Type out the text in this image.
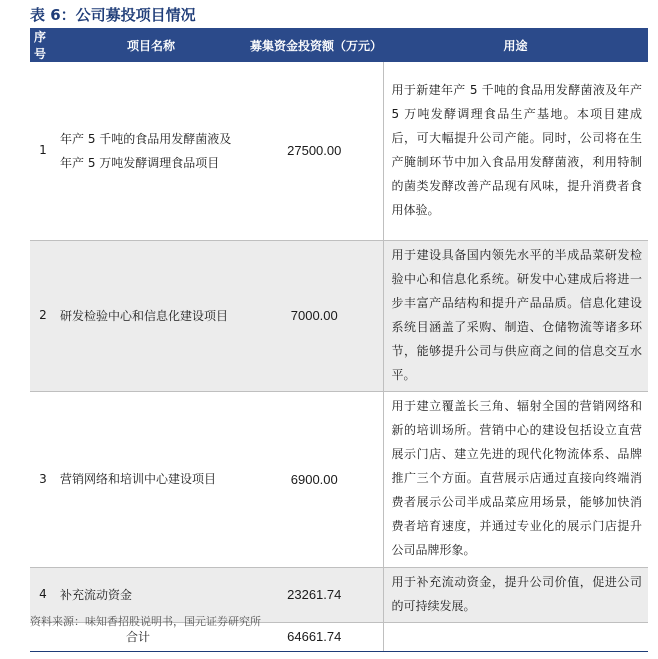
表 6：公司募投项目情况
序号	项目名称	募集资金投资额（万元）	用途
1	年产 5 千吨的食品用发酵菌液及年产 5 万吨发酵调理食品项目	27500.00	用于新建年产 5 千吨的食品用发酵菌液及年产 5 万吨发酵调理食品生产基地。本项目建成后，可大幅提升公司产能。同时，公司将在生产腌制环节中加入食品用发酵菌液，利用特制的菌类发酵改善产品现有风味，提升消费者食用体验。
2	研发检验中心和信息化建设项目	7000.00	用于建设具备国内领先水平的半成品菜研发检验中心和信息化系统。研发中心建成后将进一步丰富产品结构和提升产品品质。信息化建设系统目涵盖了采购、制造、仓储物流等诸多环节，能够提升公司与供应商之间的信息交互水平。
3	营销网络和培训中心建设项目	6900.00	用于建立覆盖长三角、辐射全国的营销网络和新的培训场所。营销中心的建设包括设立直营展示门店、建立先进的现代化物流体系、品牌推广三个方面。直营展示店通过直接向终端消费者展示公司半成品菜应用场景，能够加快消费者培育速度，并通过专业化的展示门店提升公司品牌形象。
4	补充流动资金	23261.74	用于补充流动资金，提升公司价值，促进公司的可持续发展。
合计		64661.74	
资料来源：味知香招股说明书，国元证券研究所
